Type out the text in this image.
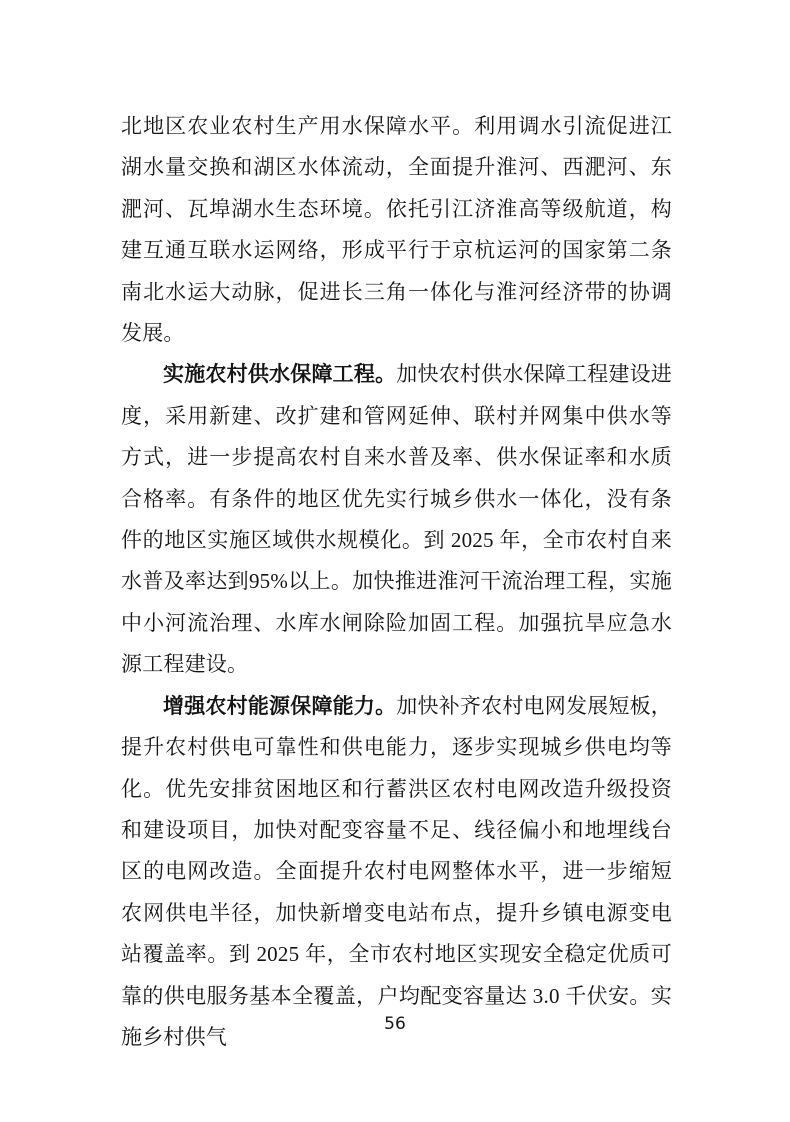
北地区农业农村生产用水保障水平。利用调水引流促进江湖水量交换和湖区水体流动，全面提升淮河、西淝河、东淝河、瓦埠湖水生态环境。依托引江济淮高等级航道，构建互通互联水运网络，形成平行于京杭运河的国家第二条南北水运大动脉，促进长三角一体化与淮河经济带的协调发展。

实施农村供水保障工程。加快农村供水保障工程建设进度，采用新建、改扩建和管网延伸、联村并网集中供水等方式，进一步提高农村自来水普及率、供水保证率和水质合格率。有条件的地区优先实行城乡供水一体化，没有条件的地区实施区域供水规模化。到 2025 年，全市农村自来水普及率达到95%以上。加快推进淮河干流治理工程，实施中小河流治理、水库水闸除险加固工程。加强抗旱应急水源工程建设。

增强农村能源保障能力。加快补齐农村电网发展短板，提升农村供电可靠性和供电能力，逐步实现城乡供电均等化。优先安排贫困地区和行蓄洪区农村电网改造升级投资和建设项目，加快对配变容量不足、线径偏小和地埋线台区的电网改造。全面提升农村电网整体水平，进一步缩短农网供电半径，加快新增变电站布点，提升乡镇电源变电站覆盖率。到 2025 年，全市农村地区实现安全稳定优质可靠的供电服务基本全覆盖，户均配变容量达 3.0 千伏安。实施乡村供气

56
